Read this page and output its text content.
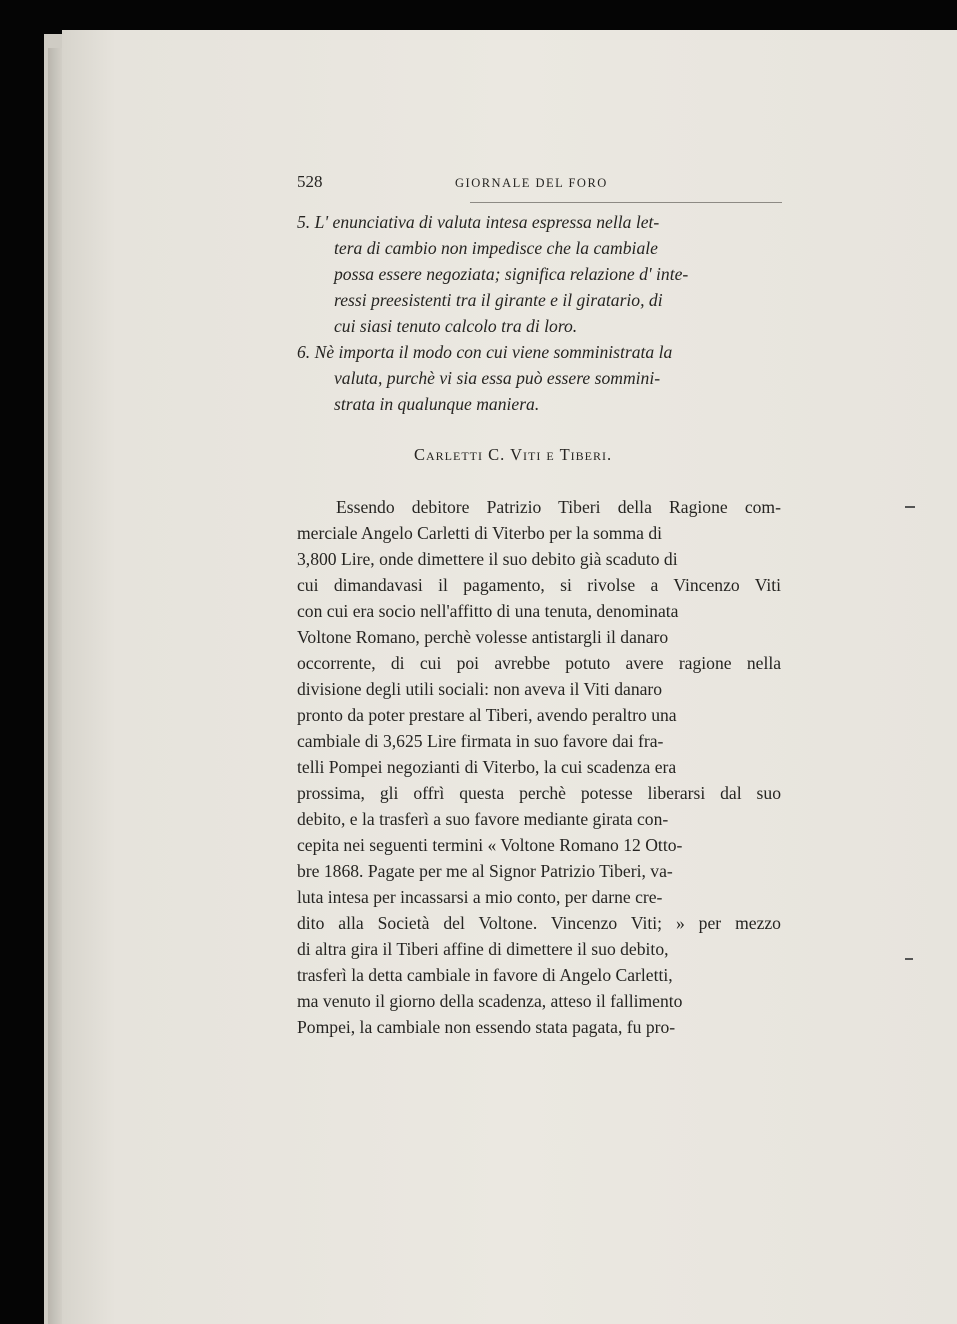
528	GIORNALE DEL FORO
5. L' enunciativa di valuta intesa espressa nella let-
tera di cambio non impedisce che la cambiale
possa essere negoziata; significa relazione d' inte-
ressi preesistenti tra il girante e il giratario, di
cui siasi tenuto calcolo tra di loro.
6. Nè importa il modo con cui viene somministrata la
valuta, purchè vi sia essa può essere sommini-
strata in qualunque maniera.
Carletti C. Viti e Tiberi.
Essendo debitore Patrizio Tiberi della Ragione com-
merciale Angelo Carletti di Viterbo per la somma di
3,800 Lire, onde dimettere il suo debito già scaduto di
cui dimandavasi il pagamento, si rivolse a Vincenzo Viti
con cui era socio nell'affitto di una tenuta, denominata
Voltone Romano, perchè volesse antistargli il danaro
occorrente, di cui poi avrebbe potuto avere ragione nella
divisione degli utili sociali: non aveva il Viti danaro
pronto da poter prestare al Tiberi, avendo peraltro una
cambiale di 3,625 Lire firmata in suo favore dai fra-
telli Pompei negozianti di Viterbo, la cui scadenza era
prossima, gli offrì questa perchè potesse liberarsi dal suo
debito, e la trasferì a suo favore mediante girata con-
cepita nei seguenti termini « Voltone Romano 12 Otto-
bre 1868. Pagate per me al Signor Patrizio Tiberi, va-
luta intesa per incassarsi a mio conto, per darne cre-
dito alla Società del Voltone. Vincenzo Viti; » per mezzo
di altra gira il Tiberi affine di dimettere il suo debito,
trasferì la detta cambiale in favore di Angelo Carletti,
ma venuto il giorno della scadenza, atteso il fallimento
Pompei, la cambiale non essendo stata pagata, fu pro-
